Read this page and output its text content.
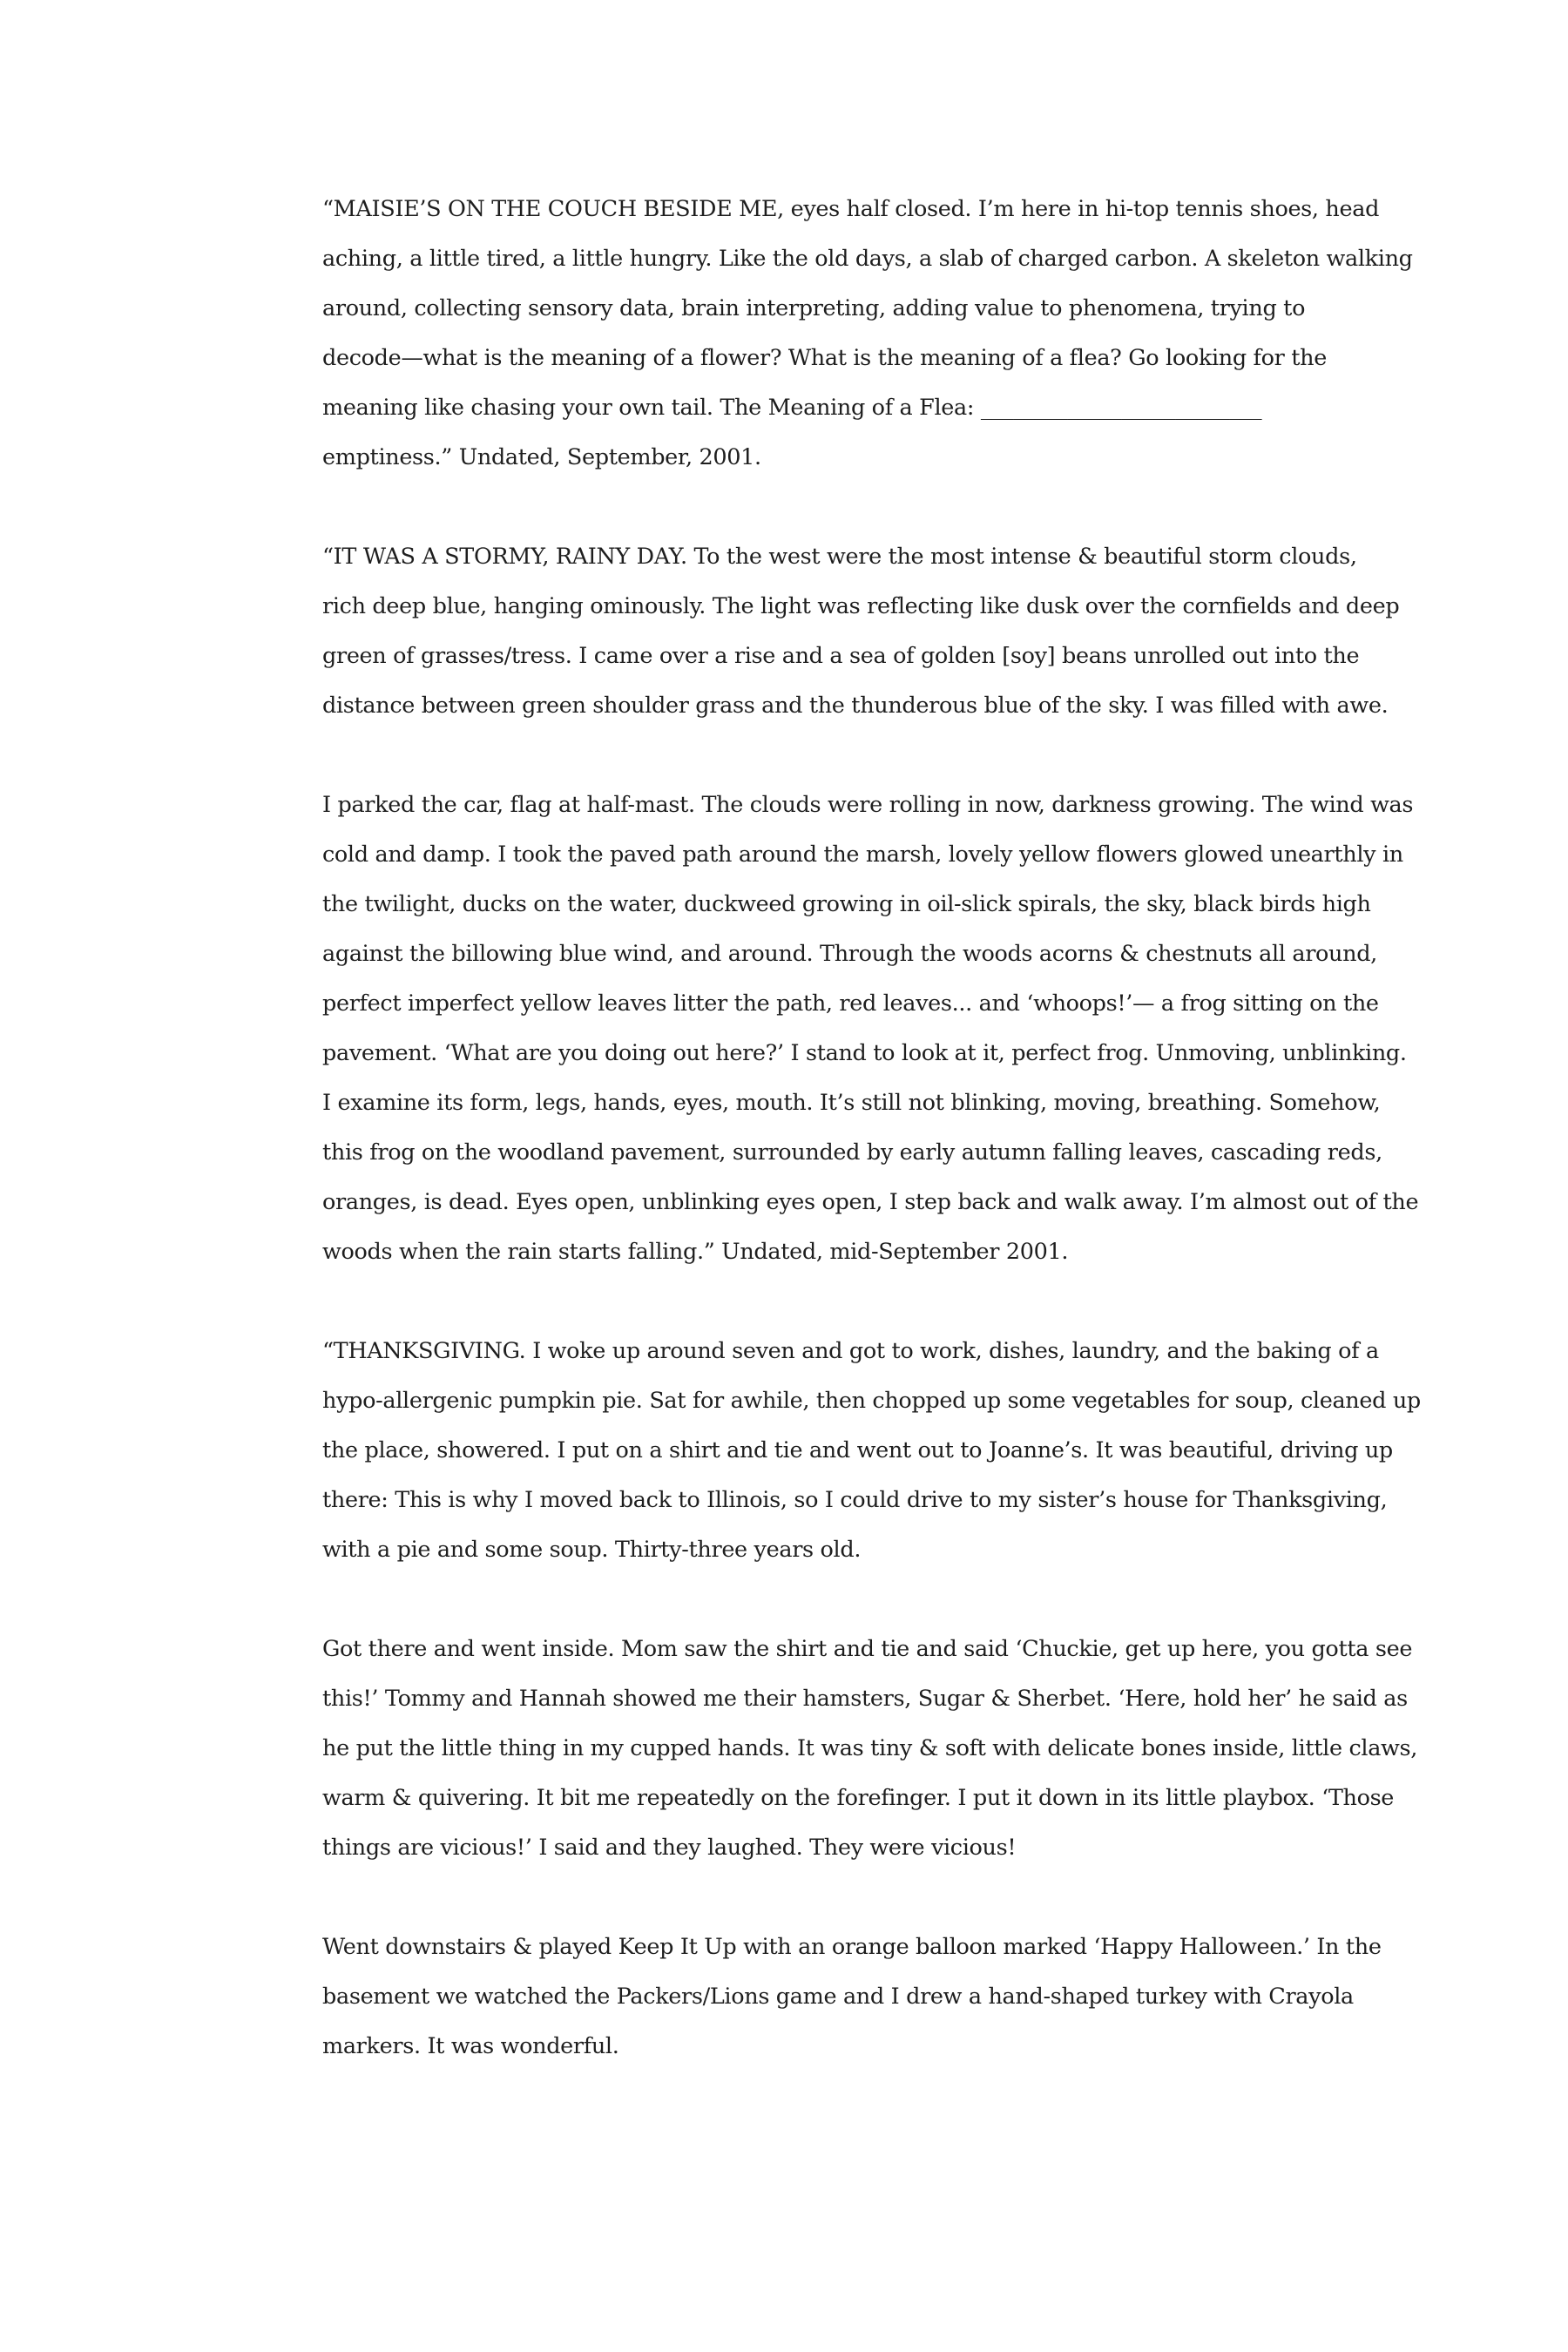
“MAISIE’S ON THE COUCH BESIDE ME, eyes half closed. I’m here in hi-top tennis shoes, head
aching, a little tired, a little hungry. Like the old days, a slab of charged carbon. A skeleton walking
around, collecting sensory data, brain interpreting, adding value to phenomena, trying to
decode—what is the meaning of a flower? What is the meaning of a flea? Go looking for the
meaning like chasing your own tail. The Meaning of a Flea: __________________________
emptiness.” Undated, September, 2001.

“IT WAS A STORMY, RAINY DAY. To the west were the most intense & beautiful storm clouds,
rich deep blue, hanging ominously. The light was reflecting like dusk over the cornfields and deep
green of grasses/tress. I came over a rise and a sea of golden [soy] beans unrolled out into the
distance between green shoulder grass and the thunderous blue of the sky. I was filled with awe.

I parked the car, flag at half-mast. The clouds were rolling in now, darkness growing. The wind was
cold and damp. I took the paved path around the marsh, lovely yellow flowers glowed unearthly in
the twilight, ducks on the water, duckweed growing in oil-slick spirals, the sky, black birds high
against the billowing blue wind, and around. Through the woods acorns & chestnuts all around,
perfect imperfect yellow leaves litter the path, red leaves... and ‘whoops!’— a frog sitting on the
pavement. ‘What are you doing out here?’ I stand to look at it, perfect frog. Unmoving, unblinking.
I examine its form, legs, hands, eyes, mouth. It’s still not blinking, moving, breathing. Somehow,
this frog on the woodland pavement, surrounded by early autumn falling leaves, cascading reds,
oranges, is dead. Eyes open, unblinking eyes open, I step back and walk away. I’m almost out of the
woods when the rain starts falling.” Undated, mid-September 2001.

“THANKSGIVING. I woke up around seven and got to work, dishes, laundry, and the baking of a
hypo-allergenic pumpkin pie. Sat for awhile, then chopped up some vegetables for soup, cleaned up
the place, showered. I put on a shirt and tie and went out to Joanne’s. It was beautiful, driving up
there: This is why I moved back to Illinois, so I could drive to my sister’s house for Thanksgiving,
with a pie and some soup. Thirty-three years old.

Got there and went inside. Mom saw the shirt and tie and said ‘Chuckie, get up here, you gotta see
this!’ Tommy and Hannah showed me their hamsters, Sugar & Sherbet. ‘Here, hold her’ he said as
he put the little thing in my cupped hands. It was tiny & soft with delicate bones inside, little claws,
warm & quivering. It bit me repeatedly on the forefinger. I put it down in its little playbox. ‘Those
things are vicious!’ I said and they laughed. They were vicious!

Went downstairs & played Keep It Up with an orange balloon marked ‘Happy Halloween.’ In the
basement we watched the Packers/Lions game and I drew a hand-shaped turkey with Crayola
markers. It was wonderful.
